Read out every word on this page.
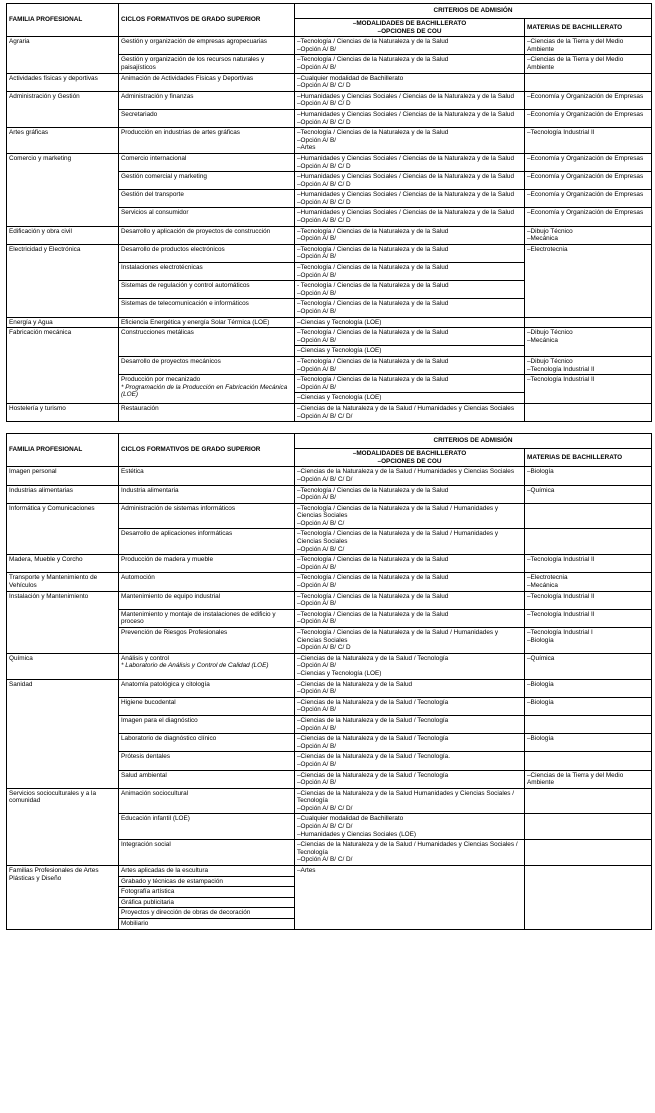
FAMILIA PROFESIONAL	CICLOS FORMATIVOS DE GRADO SUPERIOR	CRITERIOS DE ADMISIÓN	
		–MODALIDADES DE BACHILLERATO
–OPCIONES DE COU	MATERIAS DE BACHILLERATO

Agraria	Gestión y organización de empresas agropecuarias	–Tecnología / Ciencias de la Naturaleza y de la Salud
–Opción A/ B/	–Ciencias de la Tierra y del Medio Ambiente

	Gestión y organización de los recursos naturales y paisajísticos	–Tecnología / Ciencias de la Naturaleza y de la Salud
–Opción A/ B/	–Ciencias de la Tierra y del Medio Ambiente

Actividades físicas y deportivas	Animación de Actividades Físicas y Deportivas	–Cualquier modalidad de Bachillerato
–Opción A/ B/ C/ D	

Administración y Gestión	Administración y finanzas	–Humanidades y Ciencias Sociales / Ciencias de la Naturaleza y de la Salud
–Opción A/ B/ C/ D	–Economía y Organización de Empresas

	Secretariado	–Humanidades y Ciencias Sociales / Ciencias de la Naturaleza y de la Salud
–Opción A/ B/ C/ D	–Economía y Organización de Empresas

Artes gráficas	Producción en industrias de artes gráficas	–Tecnología / Ciencias de la Naturaleza y de la Salud
–Opción A/ B/
–Artes	–Tecnología Industrial II

Comercio y marketing	Comercio internacional	–Humanidades y Ciencias Sociales / Ciencias de la Naturaleza y de la Salud
–Opción A/ B/ C/ D	–Economía y Organización de Empresas

	Gestión comercial y marketing	–Humanidades y Ciencias Sociales / Ciencias de la Naturaleza y de la Salud
–Opción A/ B/ C/ D	–Economía y Organización de Empresas

	Gestión del transporte	–Humanidades y Ciencias Sociales / Ciencias de la Naturaleza y de la Salud
–Opción A/ B/ C/ D	–Economía y Organización de Empresas

	Servicios al consumidor	–Humanidades y Ciencias Sociales / Ciencias de la Naturaleza y de la Salud
–Opción A/ B/ C/ D	–Economía y Organización de Empresas

Edificación y obra civil	Desarrollo y aplicación de proyectos de construcción	–Tecnología / Ciencias de la Naturaleza y de la Salud
–Opción A/ B/	–Dibujo Técnico
–Mecánica

Electricidad y Electrónica	Desarrollo de productos electrónicos	–Tecnología / Ciencias de la Naturaleza y de la Salud
–Opción A/ B/	–Electrotecnia

	Instalaciones electrotécnicas	–Tecnología / Ciencias de la Naturaleza y de la Salud
–Opción A/ B/	

	Sistemas de regulación y control automáticos	- Tecnología / Ciencias de la Naturaleza y de la Salud
–Opción A/ B/	

	Sistemas de telecomunicación e informáticos	–Tecnología / Ciencias de la Naturaleza y de la Salud
–Opción A/ B/	

Energía y Agua	Eficiencia Energética y energía Solar Térmica (LOE)	–Ciencias y Tecnología (LOE)	

Fabricación mecánica	Construcciones metálicas	–Tecnología / Ciencias de la Naturaleza y de la Salud
–Opción A/ B/	–Dibujo Técnico
–Mecánica

		–Ciencias y Tecnología (LOE)	

	Desarrollo de proyectos mecánicos	–Tecnología / Ciencias de la Naturaleza y de la Salud
–Opción A/ B/	–Dibujo Técnico
–Tecnología Industrial II

	Producción por mecanizado
* Programación de la Producción en Fabricación Mecánica (LOE)	–Tecnología / Ciencias de la Naturaleza y de la Salud
–Opción A/ B/	–Tecnología Industrial II

		–Ciencias y Tecnología (LOE)	

Hostelería y turismo	Restauración	–Ciencias de la Naturaleza y de la Salud / Humanidades y Ciencias Sociales
–Opción A/ B/ C/ D/	

FAMILIA PROFESIONAL	CICLOS FORMATIVOS DE GRADO SUPERIOR	CRITERIOS DE ADMISIÓN	
		–MODALIDADES DE BACHILLERATO
–OPCIONES DE COU	MATERIAS DE BACHILLERATO

Imagen personal	Estética	–Ciencias de la Naturaleza y de la Salud / Humanidades y Ciencias Sociales
–Opción A/ B/ C/ D/	–Biología

Industrias alimentarias	Industria alimentaria	–Tecnología / Ciencias de la Naturaleza y de la Salud
–Opción A/ B/	–Química

Informática y Comunicaciones	Administración de sistemas informáticos	–Tecnología / Ciencias de la Naturaleza y de la Salud / Humanidades y Ciencias Sociales
–Opción A/ B/ C/	

	Desarrollo de aplicaciones informáticas	–Tecnología / Ciencias de la Naturaleza y de la Salud / Humanidades y Ciencias Sociales
–Opción A/ B/ C/	

Madera, Mueble y Corcho	Producción de madera y mueble	–Tecnología / Ciencias de la Naturaleza y de la Salud
–Opción A/ B/	–Tecnología Industrial II

Transporte y Mantenimiento de Vehículos	Automoción	–Tecnología / Ciencias de la Naturaleza y de la Salud
–Opción A/ B/	–Electrotecnia
–Mecánica

Instalación y Mantenimiento	Mantenimiento de equipo industrial	–Tecnología / Ciencias de la Naturaleza y de la Salud
–Opción A/ B/	–Tecnología Industrial II

	Mantenimiento y montaje de instalaciones de edificio y proceso	–Tecnología / Ciencias de la Naturaleza y de la Salud
–Opción A/ B/	–Tecnología Industrial II

	Prevención de Riesgos Profesionales	–Tecnología / Ciencias de la Naturaleza y de la Salud / Humanidades y Ciencias Sociales
–Opción A/ B/ C/ D	–Tecnología Industrial I
–Biología

Química	Análisis y control
* Laboratorio de Análisis y Control de Calidad (LOE)	–Ciencias de la Naturaleza y de la Salud / Tecnología
–Opción A/ B/
–Ciencias y Tecnología (LOE)	–Química

Sanidad	Anatomía patológica y citología	–Ciencias de la Naturaleza y de la Salud
–Opción A/ B/	–Biología

	Higiene bucodental	–Ciencias de la Naturaleza y de la Salud / Tecnología
–Opción A/ B/	–Biología

	Imagen para el diagnóstico	–Ciencias de la Naturaleza y de la Salud / Tecnología
–Opción A/ B/	

	Laboratorio de diagnóstico clínico	–Ciencias de la Naturaleza y de la Salud / Tecnología
–Opción A/ B/	–Biología

	Prótesis dentales	–Ciencias de la Naturaleza y de la Salud / Tecnología.
–Opción A/ B/	

	Salud ambiental	–Ciencias de la Naturaleza y de la Salud / Tecnología
–Opción A/ B/	–Ciencias de la Tierra y del Medio Ambiente

Servicios socioculturales y a la comunidad	Animación sociocultural	–Ciencias de la Naturaleza y de la Salud Humanidades y Ciencias Sociales / Tecnología
–Opción A/ B/ C/ D/	

	Educación infantil (LOE)	–Cualquier modalidad de Bachillerato
–Opción A/ B/ C/ D/
–Humanidades y Ciencias Sociales (LOE)	

	Integración social	–Ciencias de la Naturaleza y de la Salud / Humanidades y Ciencias Sociales / Tecnología
–Opción A/ B/ C/ D/	

Familias Profesionales de Artes Plásticas y Diseño	Artes aplicadas de la escultura	–Artes	

	Grabado y técnicas de estampación		

	Fotografía artística		

	Gráfica publicitaria		

	Proyectos y dirección de obras de decoración		

	Mobiliario		
